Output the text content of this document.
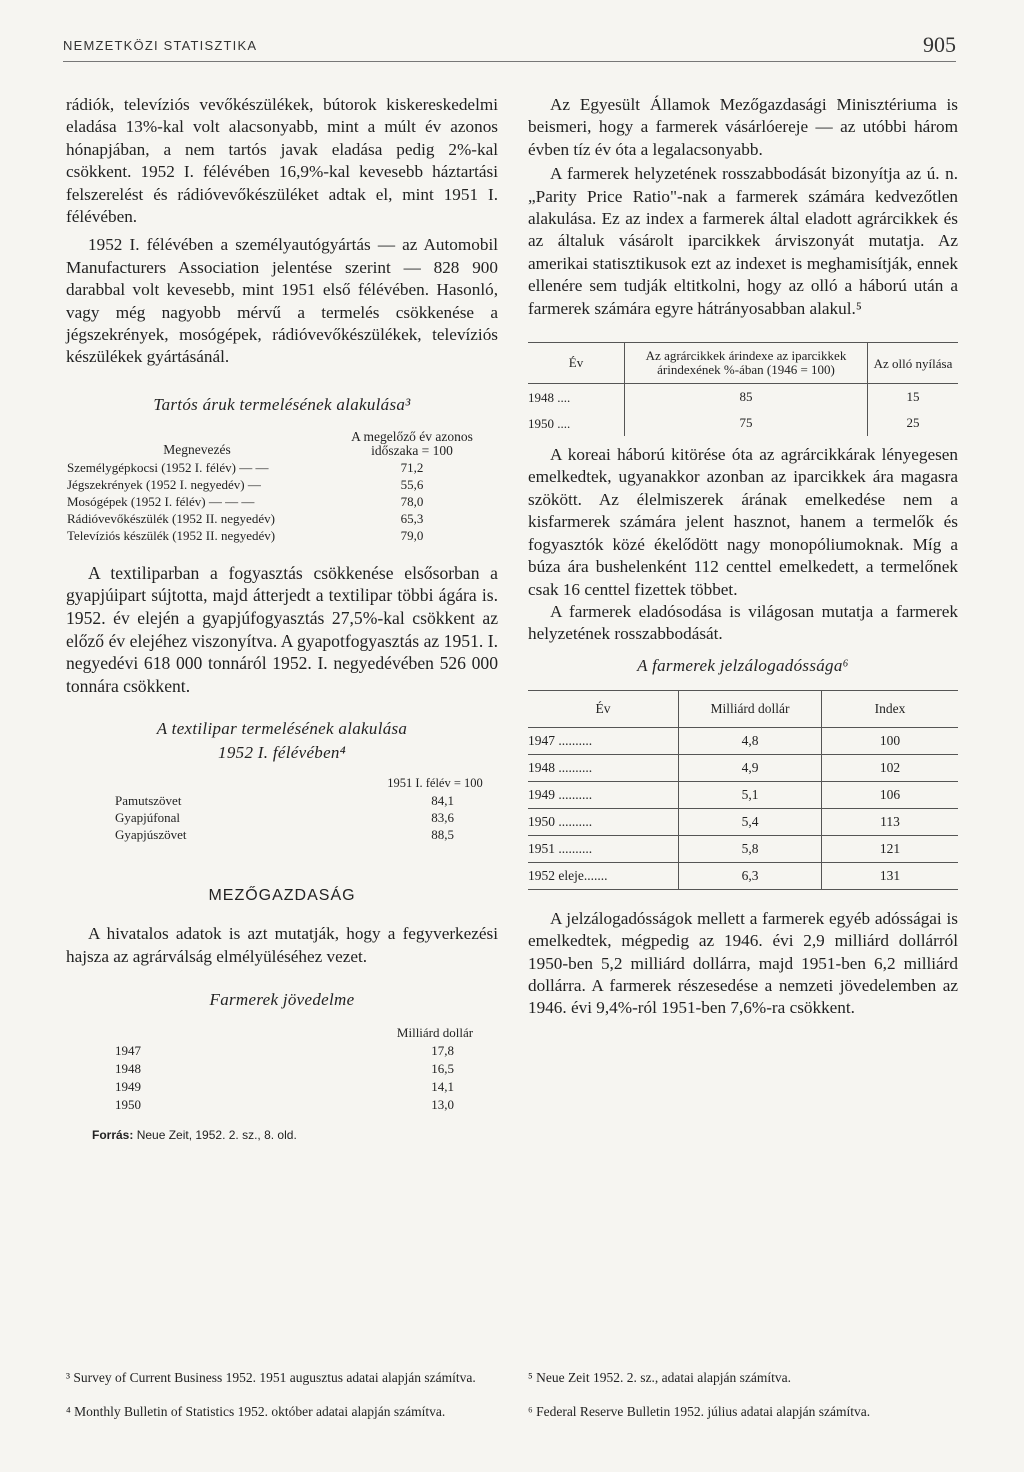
NEMZETKÖZI STATISZTIKA	905

rádiók, televíziós vevőkészülékek, bútorok kiskereskedelmi eladása 13%-kal volt alacsonyabb, mint a múlt év azonos hónapjában, a nem tartós javak eladása pedig 2%-kal csökkent. 1952 I. félévében 16,9%-kal kevesebb háztartási felszerelést és rádióvevőkészüléket adtak el, mint 1951 I. félévében.

1952 I. félévében a személyautógyártás — az Automobil Manufacturers Association jelentése szerint — 828 900 darabbal volt kevesebb, mint 1951 első félévében. Hasonló, vagy még nagyobb mérvű a termelés csökkenése a jégszekrények, mosógépek, rádióvevőkészülékek, televíziós készülékek gyártásánál.

Tartós áruk termelésének alakulása³

Megnevezés	A megelőző év azonos
időszaka = 100

Személygépkocsi (1952 I. félév) — —	71,2
Jégszekrények (1952 I. negyedév) —	55,6
Mosógépek (1952 I. félév) — — —	78,0
Rádióvevőkészülék (1952 II. negyedév)	65,3
Televíziós készülék (1952 II. negyedév)	79,0

A textiliparban a fogyasztás csökkenése elsősorban a gyapjúipart sújtotta, majd átterjedt a textilipar többi ágára is. 1952. év elején a gyapjúfogyasztás 27,5%-kal csökkent az előző év elejéhez viszonyítva. A gyapotfogyasztás az 1951. I. negyedévi 618 000 tonnáról 1952. I. negyedévében 526 000 tonnára csökkent.

A textilipar termelésének alakulása

1952 I. félévében⁴

	1951 I. félév = 100
Pamutszövet	84,1
Gyapjúfonal	83,6
Gyapjúszövet	88,5

MEZŐGAZDASÁG

A hivatalos adatok is azt mutatják, hogy a fegyverkezési hajsza az agrárválság elmélyüléséhez vezet.

Farmerek jövedelme

	Milliárd dollár
1947	17,8
1948	16,5
1949	14,1
1950	13,0

Forrás: Neue Zeit, 1952. 2. sz., 8. old.

Az Egyesült Államok Mezőgazdasági Minisztériuma is beismeri, hogy a farmerek vásárlóereje — az utóbbi három évben tíz év óta a legalacsonyabb.

A farmerek helyzetének rosszabbodását bizonyítja az ú. n. „Parity Price Ratio"-nak a farmerek számára kedvezőtlen alakulása. Ez az index a farmerek által eladott agrárcikkek és az általuk vásárolt iparcikkek árviszonyát mutatja. Az amerikai statisztikusok ezt az indexet is meghamisítják, ennek ellenére sem tudják eltitkolni, hogy az olló a háború után a farmerek számára egyre hátrányosabban alakul.⁵

Év	Az agrárcikkek árindexe az iparcikkek árindexének %-ában (1946 = 100)	Az olló nyílása
1948 ....	85	15
1950 ....	75	25

A koreai háború kitörése óta az agrárcikkárak lényegesen emelkedtek, ugyanakkor azonban az iparcikkek ára magasra szökött. Az élelmiszerek árának emelkedése nem a kisfarmerek számára jelent hasznot, hanem a termelők és fogyasztók közé ékelődött nagy monopóliumoknak. Míg a búza ára bushelenként 112 centtel emelkedett, a termelőnek csak 16 centtel fizettek többet.

A farmerek eladósodása is világosan mutatja a farmerek helyzetének rosszabbodását.

A farmerek jelzálogadóssága⁶

Év	Milliárd dollár	Index
1947 ..........	4,8	100
1948 ..........	4,9	102
1949 ..........	5,1	106
1950 ..........	5,4	113
1951 ..........	5,8	121
1952 eleje.......	6,3	131

A jelzálogadósságok mellett a farmerek egyéb adósságai is emelkedtek, mégpedig az 1946. évi 2,9 milliárd dollárról 1950-ben 5,2 milliárd dollárra, majd 1951-ben 6,2 milliárd dollárra. A farmerek részesedése a nemzeti jövedelemben az 1946. évi 9,4%-ról 1951-ben 7,6%-ra csökkent.

³ Survey of Current Business 1952. 1951 augusztus adatai alapján számítva.
⁴ Monthly Bulletin of Statistics 1952. október adatai alapján számítva.
⁵ Neue Zeit 1952. 2. sz., adatai alapján számítva.
⁶ Federal Reserve Bulletin 1952. július adatai alapján számítva.
